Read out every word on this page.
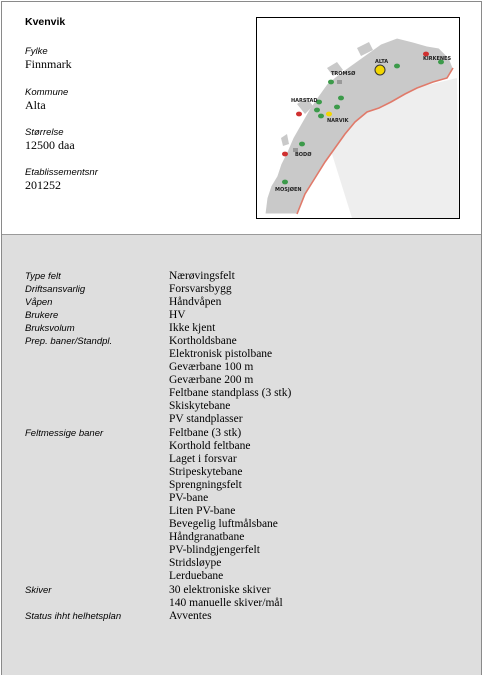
Kvenvik
Fylke
Finnmark
Kommune
Alta
Størrelse
12500 daa
Etablissementsnr
201252
ALTA	KIRKENES
TROMSØ
HARSTAD
NARVIK
BODØ
MOSJØEN
Type felt	Nærøvingsfelt
Driftsansvarlig	Forsvarsbygg
Våpen	Håndvåpen
Brukere	HV
Bruksvolum	Ikke kjent
Prep. baner/Standpl.	Kortholdsbane
Elektronisk pistolbane
Geværbane 100 m
Geværbane 200 m
Feltbane standplass (3 stk)
Skiskytebane
PV standplasser
Feltmessige baner	Feltbane (3 stk)
Korthold feltbane
Laget i forsvar
Stripeskytebane
Sprengningsfelt
PV-bane
Liten PV-bane
Bevegelig luftmålsbane
Håndgranatbane
PV-blindgjengerfelt
Stridsløype
Lerduebane
Skiver	30 elektroniske skiver
140 manuelle skiver/mål
Status ihht helhetsplan	Avventes
